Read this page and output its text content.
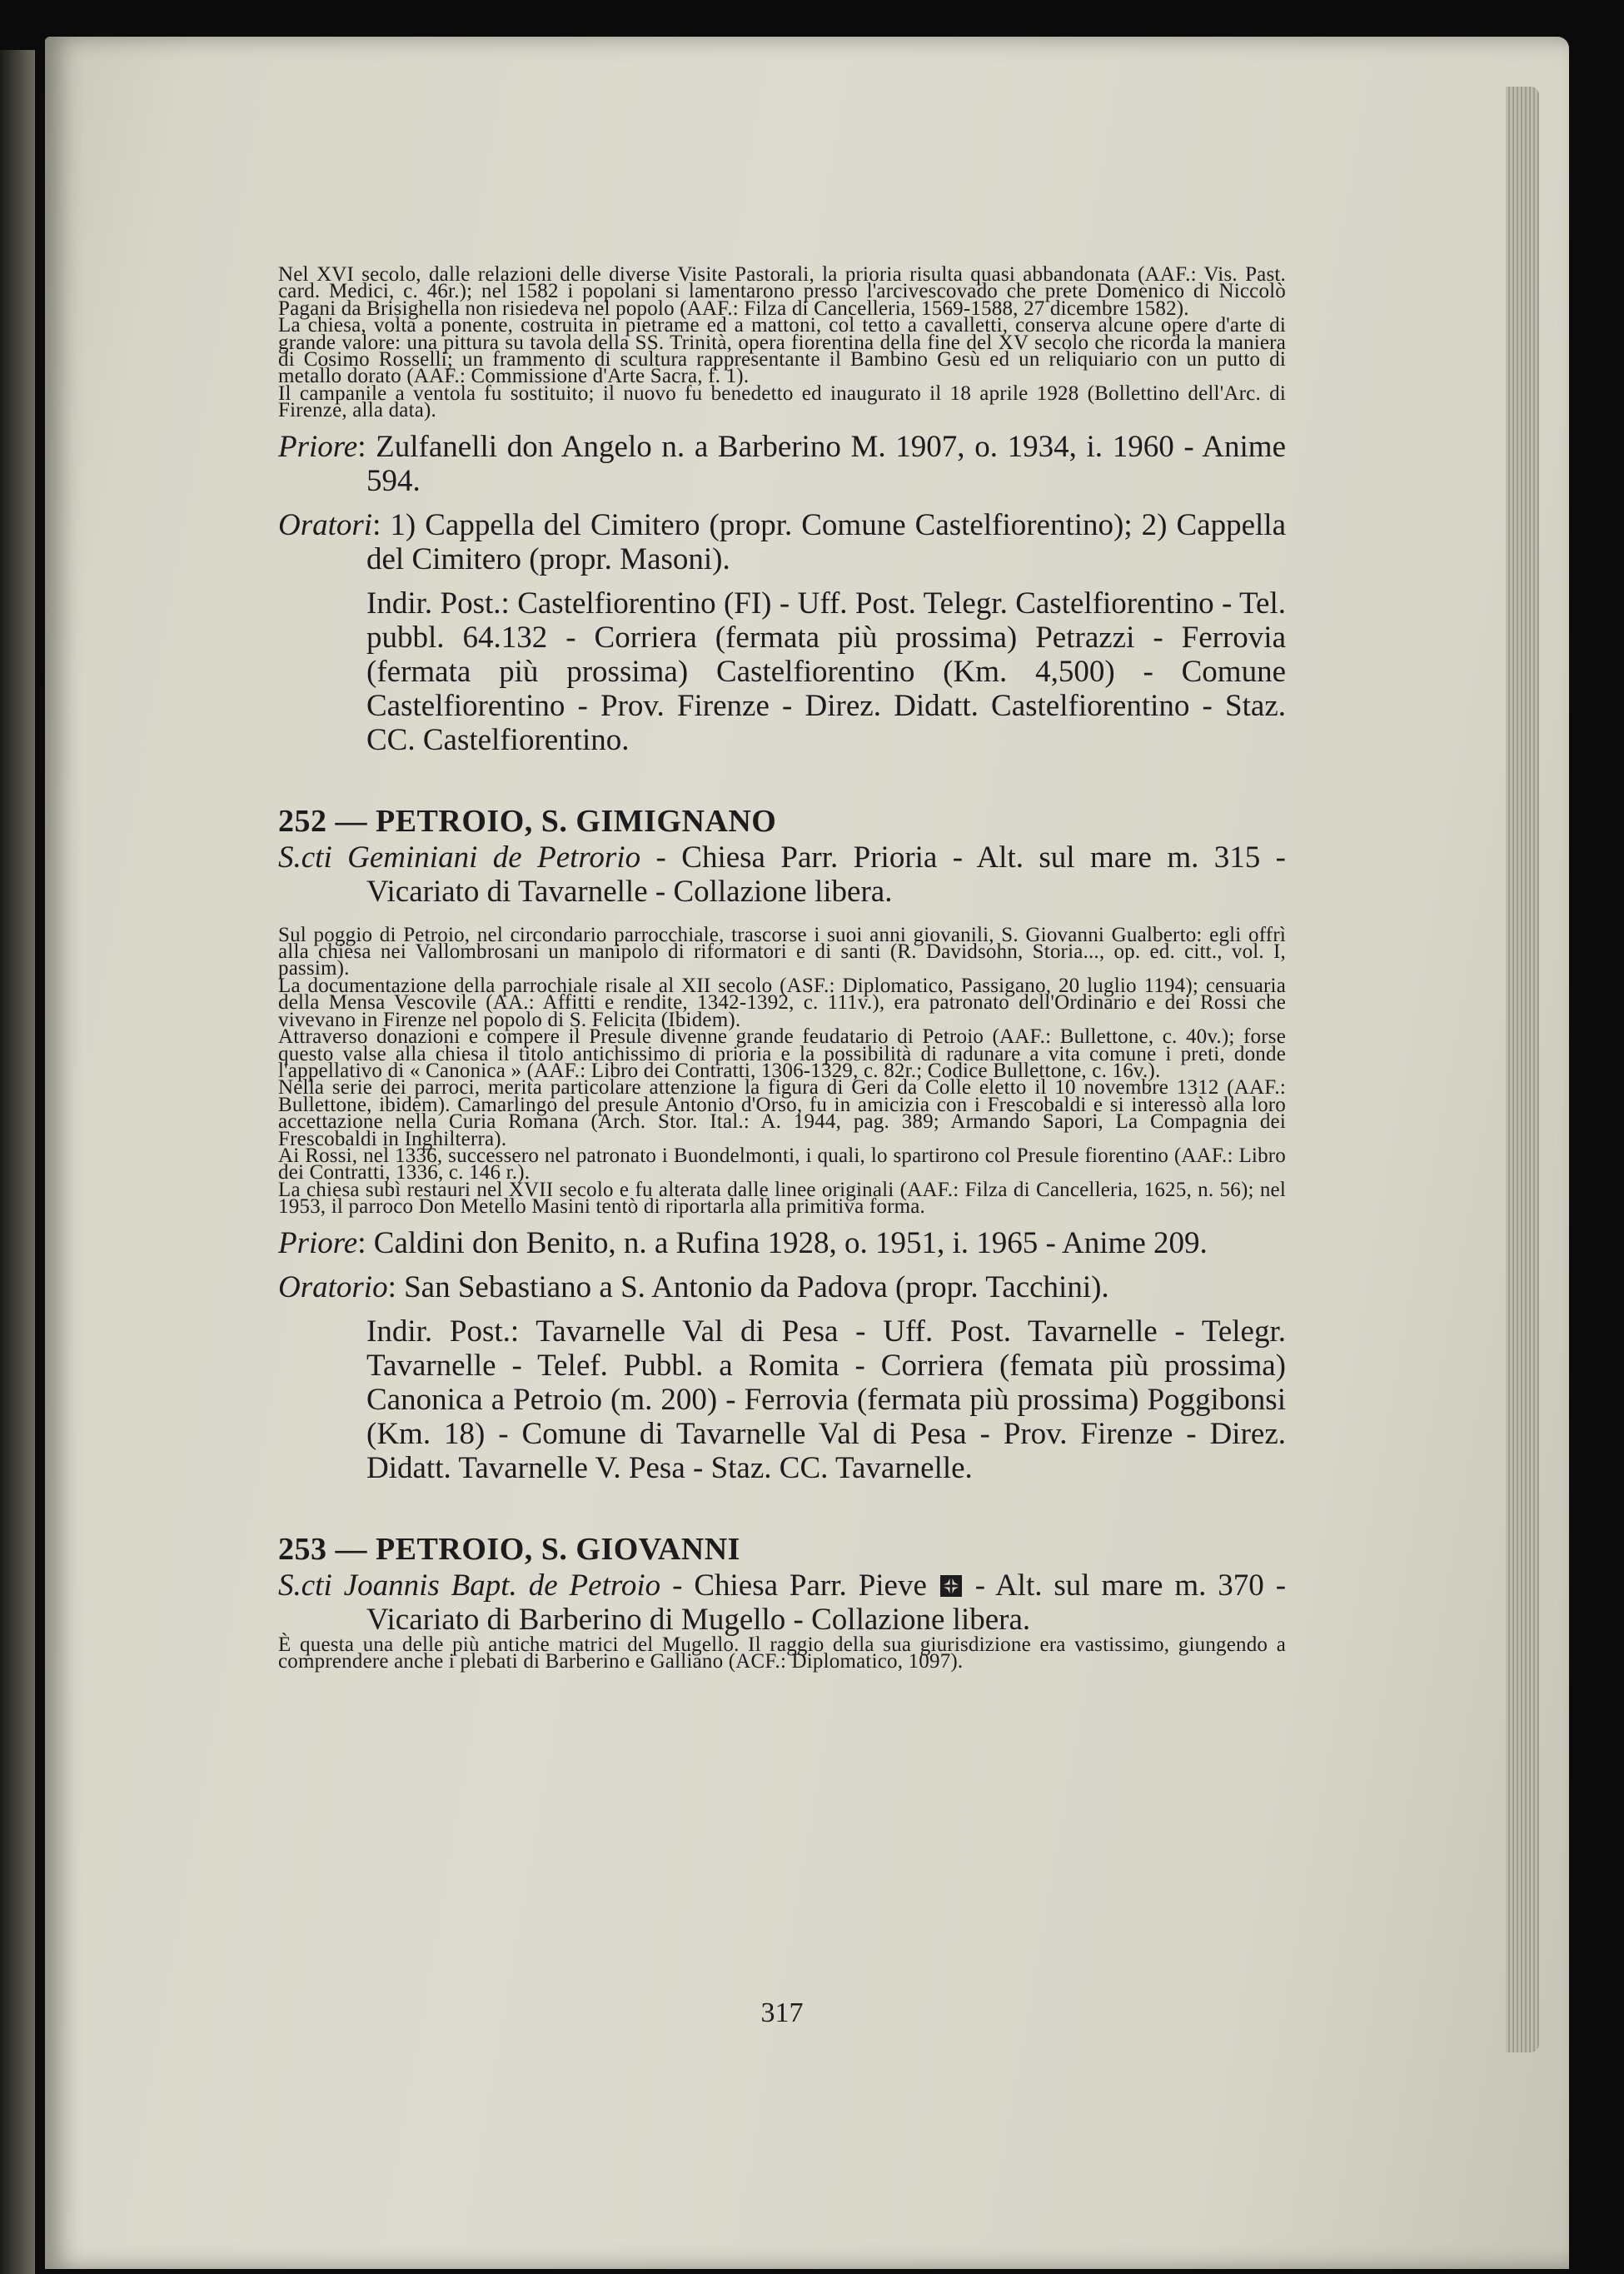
Nel XVI secolo, dalle relazioni delle diverse Visite Pastorali, la prioria risulta quasi abbandonata (AAF.: Vis. Past. card. Medici, c. 46r.); nel 1582 i popolani si lamentarono presso l'arcivescovado che prete Domenico di Niccolò Pagani da Brisighella non risiedeva nel popolo (AAF.: Filza di Cancelleria, 1569-1588, 27 dicembre 1582).

La chiesa, volta a ponente, costruita in pietrame ed a mattoni, col tetto a cavalletti, conserva alcune opere d'arte di grande valore: una pittura su tavola della SS. Trinità, opera fiorentina della fine del XV secolo che ricorda la maniera di Cosimo Rosselli; un frammento di scultura rappresentante il Bambino Gesù ed un reliquiario con un putto di metallo dorato (AAF.: Commissione d'Arte Sacra, f. 1).

Il campanile a ventola fu sostituito; il nuovo fu benedetto ed inaugurato il 18 aprile 1928 (Bollettino dell'Arc. di Firenze, alla data).

Priore: Zulfanelli don Angelo n. a Barberino M. 1907, o. 1934, i. 1960 - Anime 594.

Oratori: 1) Cappella del Cimitero (propr. Comune Castelfiorentino); 2) Cappella del Cimitero (propr. Masoni).

Indir. Post.: Castelfiorentino (FI) - Uff. Post. Telegr. Castelfiorentino - Tel. pubbl. 64.132 - Corriera (fermata più prossima) Petrazzi - Ferrovia (fermata più prossima) Castelfiorentino (Km. 4,500) - Comune Castelfiorentino - Prov. Firenze - Direz. Didatt. Castelfiorentino - Staz. CC. Castelfiorentino.

252 — PETROIO, S. GIMIGNANO

S.cti Geminiani de Petrorio - Chiesa Parr. Prioria - Alt. sul mare m. 315 - Vicariato di Tavarnelle - Collazione libera.

Sul poggio di Petroio, nel circondario parrocchiale, trascorse i suoi anni giovanili, S. Giovanni Gualberto: egli offrì alla chiesa nei Vallombrosani un manipolo di riformatori e di santi (R. Davidsohn, Storia..., op. ed. citt., vol. I, passim).

La documentazione della parrochiale risale al XII secolo (ASF.: Diplomatico, Passigano, 20 luglio 1194); censuaria della Mensa Vescovile (AA.: Affitti e rendite, 1342-1392, c. 111v.), era patronato dell'Ordinario e dei Rossi che vivevano in Firenze nel popolo di S. Felicita (Ibidem).

Attraverso donazioni e compere il Presule divenne grande feudatario di Petroio (AAF.: Bullettone, c. 40v.); forse questo valse alla chiesa il titolo antichissimo di prioria e la possibilità di radunare a vita comune i preti, donde l'appellativo di « Canonica » (AAF.: Libro dei Contratti, 1306-1329, c. 82r.; Codice Bullettone, c. 16v.).

Nella serie dei parroci, merita particolare attenzione la figura di Geri da Colle eletto il 10 novembre 1312 (AAF.: Bullettone, ibidem). Camarlingo del presule Antonio d'Orso, fu in amicizia con i Frescobaldi e si interessò alla loro accettazione nella Curia Romana (Arch. Stor. Ital.: A. 1944, pag. 389; Armando Sapori, La Compagnia dei Frescobaldi in Inghilterra).

Ai Rossi, nel 1336, successero nel patronato i Buondelmonti, i quali, lo spartirono col Presule fiorentino (AAF.: Libro dei Contratti, 1336, c. 146 r.).

La chiesa subì restauri nel XVII secolo e fu alterata dalle linee originali (AAF.: Filza di Cancelleria, 1625, n. 56); nel 1953, il parroco Don Metello Masini tentò di riportarla alla primitiva forma.

Priore: Caldini don Benito, n. a Rufina 1928, o. 1951, i. 1965 - Anime 209.

Oratorio: San Sebastiano a S. Antonio da Padova (propr. Tacchini).

Indir. Post.: Tavarnelle Val di Pesa - Uff. Post. Tavarnelle - Telegr. Tavarnelle - Telef. Pubbl. a Romita - Corriera (femata più prossima) Canonica a Petroio (m. 200) - Ferrovia (fermata più prossima) Poggibonsi (Km. 18) - Comune di Tavarnelle Val di Pesa - Prov. Firenze - Direz. Didatt. Tavarnelle V. Pesa - Staz. CC. Tavarnelle.

253 — PETROIO, S. GIOVANNI

S.cti Joannis Bapt. de Petroio - Chiesa Parr. Pieve - Alt. sul mare m. 370 - Vicariato di Barberino di Mugello - Collazione libera.

È questa una delle più antiche matrici del Mugello. Il raggio della sua giurisdizione era vastissimo, giungendo a comprendere anche i plebati di Barberino e Galliano (ACF.: Diplomatico, 1097).

317
